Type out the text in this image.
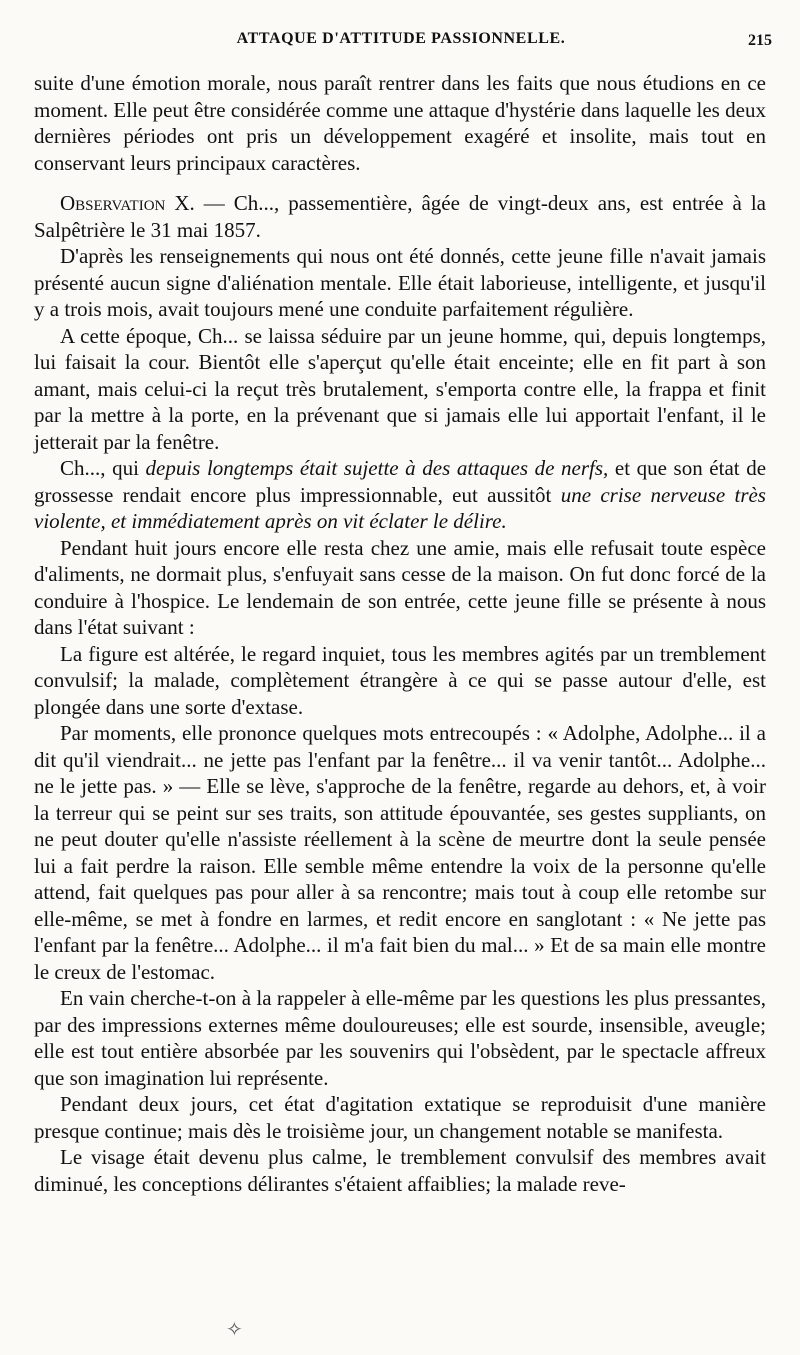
ATTAQUE D'ATTITUDE PASSIONNELLE.	215

suite d'une émotion morale, nous paraît rentrer dans les faits que nous étudions en ce moment. Elle peut être considérée comme une attaque d'hystérie dans laquelle les deux dernières périodes ont pris un développement exagéré et insolite, mais tout en conservant leurs principaux caractères.

Observation X. — Ch..., passementière, âgée de vingt-deux ans, est entrée à la Salpêtrière le 31 mai 1857.

D'après les renseignements qui nous ont été donnés, cette jeune fille n'avait jamais présenté aucun signe d'aliénation mentale. Elle était laborieuse, intelligente, et jusqu'il y a trois mois, avait toujours mené une conduite parfaitement régulière.

A cette époque, Ch... se laissa séduire par un jeune homme, qui, depuis longtemps, lui faisait la cour. Bientôt elle s'aperçut qu'elle était enceinte; elle en fit part à son amant, mais celui-ci la reçut très brutalement, s'emporta contre elle, la frappa et finit par la mettre à la porte, en la prévenant que si jamais elle lui apportait l'enfant, il le jetterait par la fenêtre.

Ch..., qui depuis longtemps était sujette à des attaques de nerfs, et que son état de grossesse rendait encore plus impressionnable, eut aussitôt une crise nerveuse très violente, et immédiatement après on vit éclater le délire.

Pendant huit jours encore elle resta chez une amie, mais elle refusait toute espèce d'aliments, ne dormait plus, s'enfuyait sans cesse de la maison. On fut donc forcé de la conduire à l'hospice. Le lendemain de son entrée, cette jeune fille se présente à nous dans l'état suivant :

La figure est altérée, le regard inquiet, tous les membres agités par un tremblement convulsif; la malade, complètement étrangère à ce qui se passe autour d'elle, est plongée dans une sorte d'extase.

Par moments, elle prononce quelques mots entrecoupés : « Adolphe, Adolphe... il a dit qu'il viendrait... ne jette pas l'enfant par la fenêtre... il va venir tantôt... Adolphe... ne le jette pas. » — Elle se lève, s'approche de la fenêtre, regarde au dehors, et, à voir la terreur qui se peint sur ses traits, son attitude épouvantée, ses gestes suppliants, on ne peut douter qu'elle n'assiste réellement à la scène de meurtre dont la seule pensée lui a fait perdre la raison. Elle semble même entendre la voix de la personne qu'elle attend, fait quelques pas pour aller à sa rencontre; mais tout à coup elle retombe sur elle-même, se met à fondre en larmes, et redit encore en sanglotant : « Ne jette pas l'enfant par la fenêtre... Adolphe... il m'a fait bien du mal... » Et de sa main elle montre le creux de l'estomac.

En vain cherche-t-on à la rappeler à elle-même par les questions les plus pressantes, par des impressions externes même douloureuses; elle est sourde, insensible, aveugle; elle est tout entière absorbée par les souvenirs qui l'obsèdent, par le spectacle affreux que son imagination lui représente.

Pendant deux jours, cet état d'agitation extatique se reproduisit d'une manière presque continue; mais dès le troisième jour, un changement notable se manifesta.

Le visage était devenu plus calme, le tremblement convulsif des membres avait diminué, les conceptions délirantes s'étaient affaiblies; la malade reve-

✧
